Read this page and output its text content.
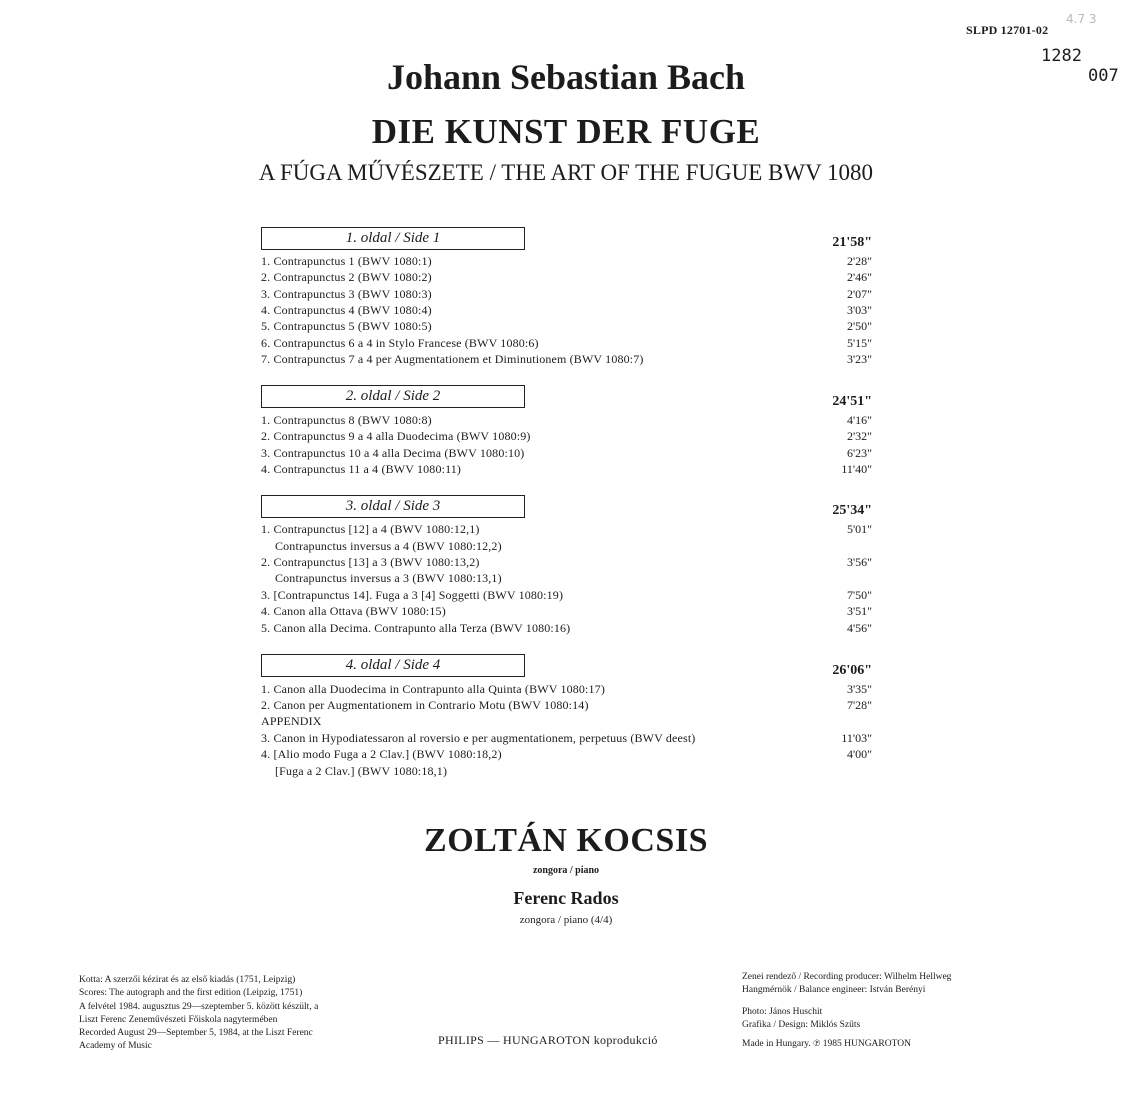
SLPD 12701-02
4.7 3
1282
007
Johann Sebastian Bach
DIE KUNST DER FUGE
A FÚGA MŰVÉSZETE / THE ART OF THE FUGUE BWV 1080
1. oldal / Side 1	21'58"
1. Contrapunctus 1 (BWV 1080:1)	2'28"
2. Contrapunctus 2 (BWV 1080:2)	2'46"
3. Contrapunctus 3 (BWV 1080:3)	2'07"
4. Contrapunctus 4 (BWV 1080:4)	3'03"
5. Contrapunctus 5 (BWV 1080:5)	2'50"
6. Contrapunctus 6 a 4 in Stylo Francese (BWV 1080:6)	5'15"
7. Contrapunctus 7 a 4 per Augmentationem et Diminutionem (BWV 1080:7)	3'23"
2. oldal / Side 2	24'51"
1. Contrapunctus 8 (BWV 1080:8)	4'16"
2. Contrapunctus 9 a 4 alla Duodecima (BWV 1080:9)	2'32"
3. Contrapunctus 10 a 4 alla Decima (BWV 1080:10)	6'23"
4. Contrapunctus 11 a 4 (BWV 1080:11)	11'40"
3. oldal / Side 3	25'34"
1. Contrapunctus [12] a 4 (BWV 1080:12,1)	5'01"
Contrapunctus inversus a 4 (BWV 1080:12,2)
2. Contrapunctus [13] a 3 (BWV 1080:13,2)	3'56"
Contrapunctus inversus a 3 (BWV 1080:13,1)
3. [Contrapunctus 14]. Fuga a 3 [4] Soggetti (BWV 1080:19)	7'50"
4. Canon alla Ottava (BWV 1080:15)	3'51"
5. Canon alla Decima. Contrapunto alla Terza (BWV 1080:16)	4'56"
4. oldal / Side 4	26'06"
1. Canon alla Duodecima in Contrapunto alla Quinta (BWV 1080:17)	3'35"
2. Canon per Augmentationem in Contrario Motu (BWV 1080:14)	7'28"
APPENDIX
3. Canon in Hypodiatessaron al roversio e per augmentationem, perpetuus (BWV deest)	11'03"
4. [Alio modo Fuga a 2 Clav.] (BWV 1080:18,2)	4'00"
[Fuga a 2 Clav.] (BWV 1080:18,1)
ZOLTÁN KOCSIS
zongora / piano
Ferenc Rados
zongora / piano (4/4)
Kotta: A szerzői kézirat és az első kiadás (1751, Leipzig)
Scores: The autograph and the first edition (Leipzig, 1751)
A felvétel 1984. augusztus 29—szeptember 5. között készült, a
Liszt Ferenc Zeneművészeti Főiskola nagytermében
Recorded August 29—September 5, 1984, at the Liszt Ferenc
Academy of Music
Zenei rendező / Recording producer: Wilhelm Hellweg
Hangmérnök / Balance engineer: István Berényi
Photo: János Huschit
Grafika / Design: Miklós Szűts
Made in Hungary. ℗ 1985 HUNGAROTON
PHILIPS — HUNGAROTON koprodukció
